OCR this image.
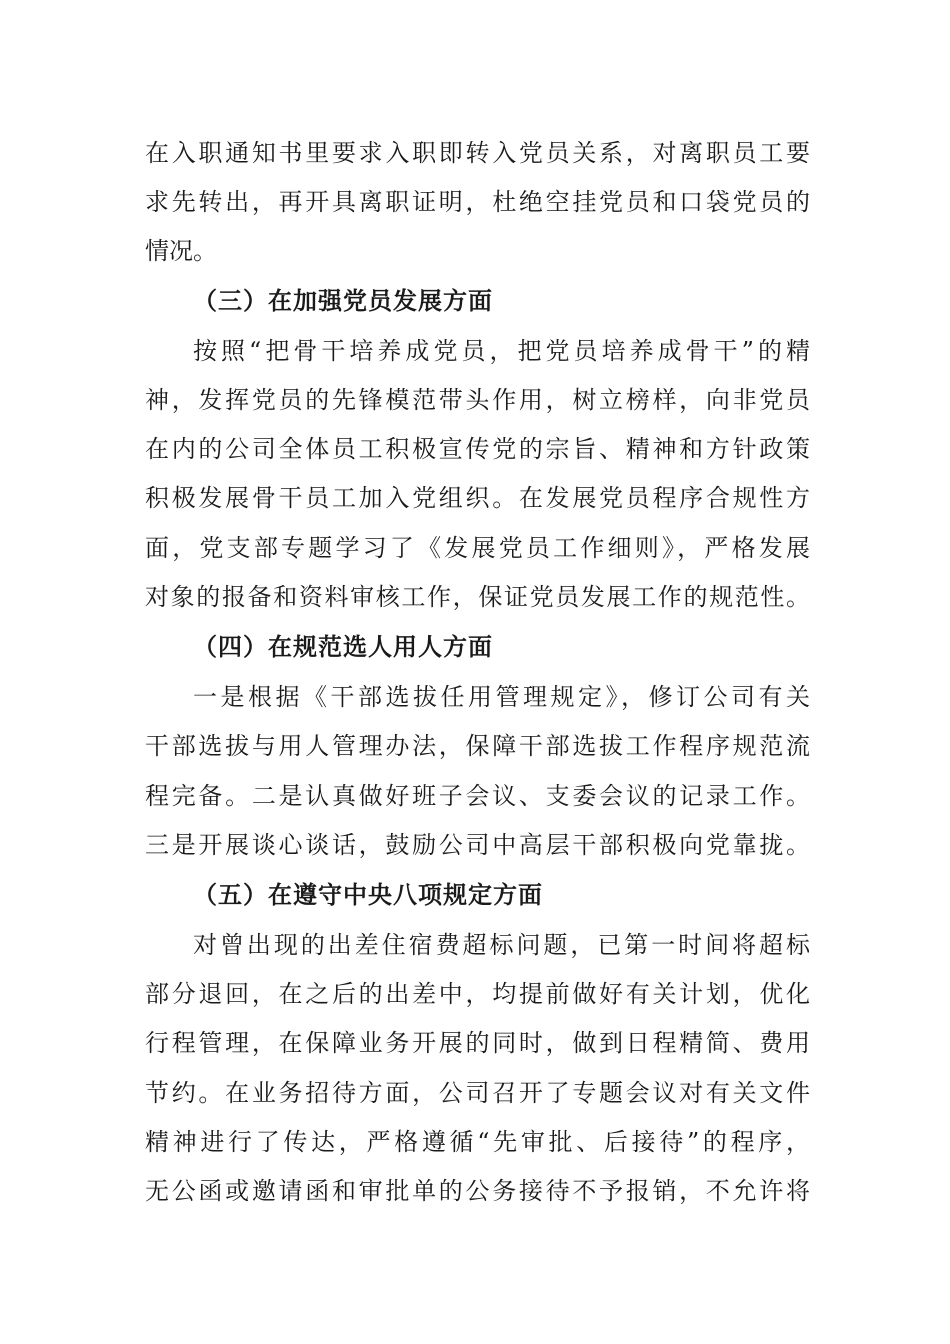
在入职通知书里要求入职即转入党员关系，对离职员工要
求先转出，再开具离职证明，杜绝空挂党员和口袋党员的
情况。
（三）在加强党员发展方面
按照“把骨干培养成党员，把党员培养成骨干”的精
神，发挥党员的先锋模范带头作用，树立榜样，向非党员
在内的公司全体员工积极宣传党的宗旨、精神和方针政策
积极发展骨干员工加入党组织。在发展党员程序合规性方
面，党支部专题学习了《发展党员工作细则》，严格发展
对象的报备和资料审核工作，保证党员发展工作的规范性。
（四）在规范选人用人方面
一是根据《干部选拔任用管理规定》，修订公司有关
干部选拔与用人管理办法，保障干部选拔工作程序规范流
程完备。二是认真做好班子会议、支委会议的记录工作。
三是开展谈心谈话，鼓励公司中高层干部积极向党靠拢。
（五）在遵守中央八项规定方面
对曾出现的出差住宿费超标问题，已第一时间将超标
部分退回，在之后的出差中，均提前做好有关计划，优化
行程管理，在保障业务开展的同时，做到日程精简、费用
节约。在业务招待方面，公司召开了专题会议对有关文件
精神进行了传达，严格遵循“先审批、后接待”的程序，
无公函或邀请函和审批单的公务接待不予报销，不允许将
